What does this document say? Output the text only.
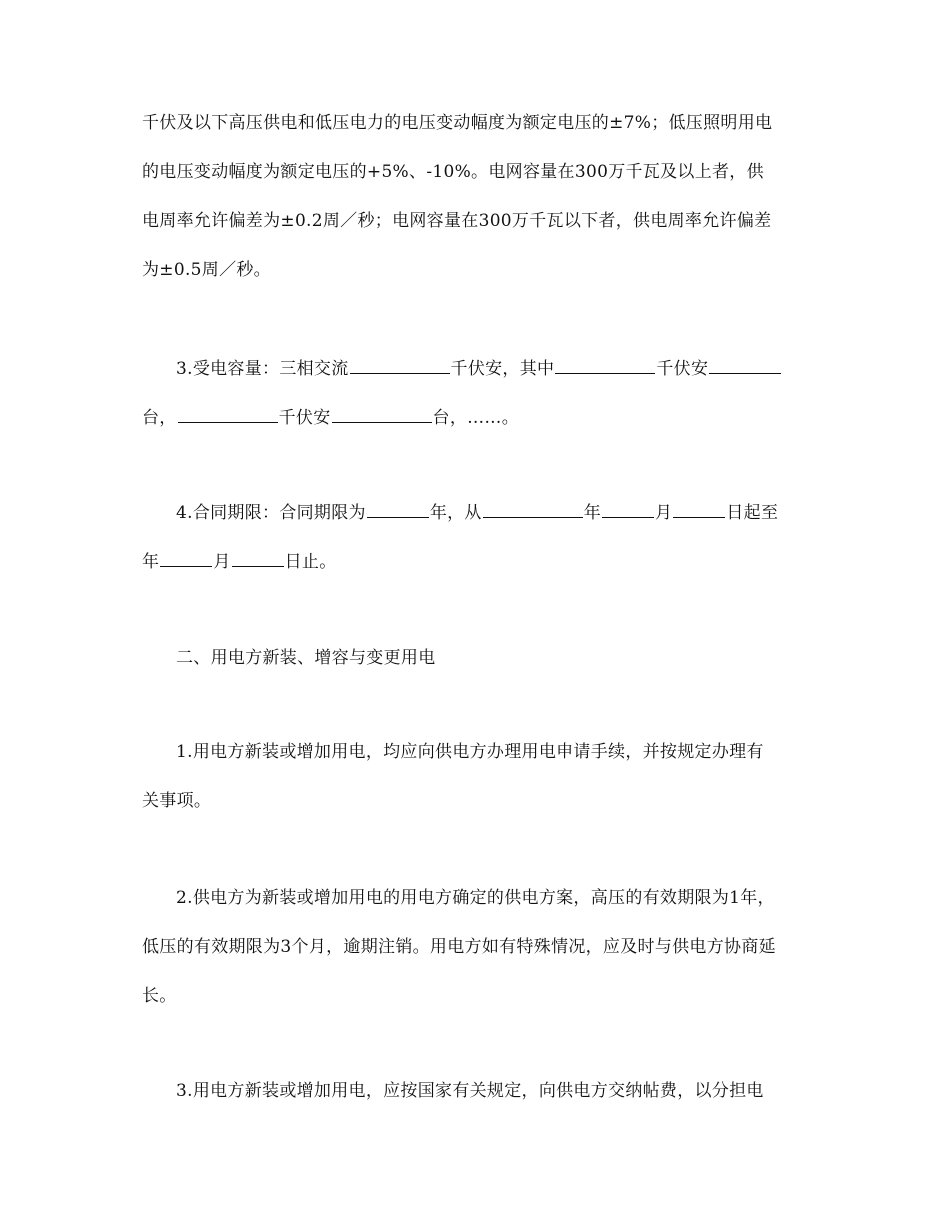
千伏及以下高压供电和低压电力的电压变动幅度为额定电压的±7%；低压照明用电
的电压变动幅度为额定电压的+5%、-10%。电网容量在300万千瓦及以上者，供
电周率允许偏差为±0.2周／秒；电网容量在300万千瓦以下者，供电周率允许偏差
为±0.5周／秒。
3.受电容量：三相交流	千伏安，其中	千伏安
台，	千伏安	台，……。
4.合同期限：合同期限为	年，从	年	月	日起至
年	月	日止。
二、用电方新装、增容与变更用电
1.用电方新装或增加用电，均应向供电方办理用电申请手续，并按规定办理有
关事项。
2.供电方为新装或增加用电的用电方确定的供电方案，高压的有效期限为1年，
低压的有效期限为3个月，逾期注销。用电方如有特殊情况，应及时与供电方协商延
长。
3.用电方新装或增加用电，应按国家有关规定，向供电方交纳帖费，以分担电
